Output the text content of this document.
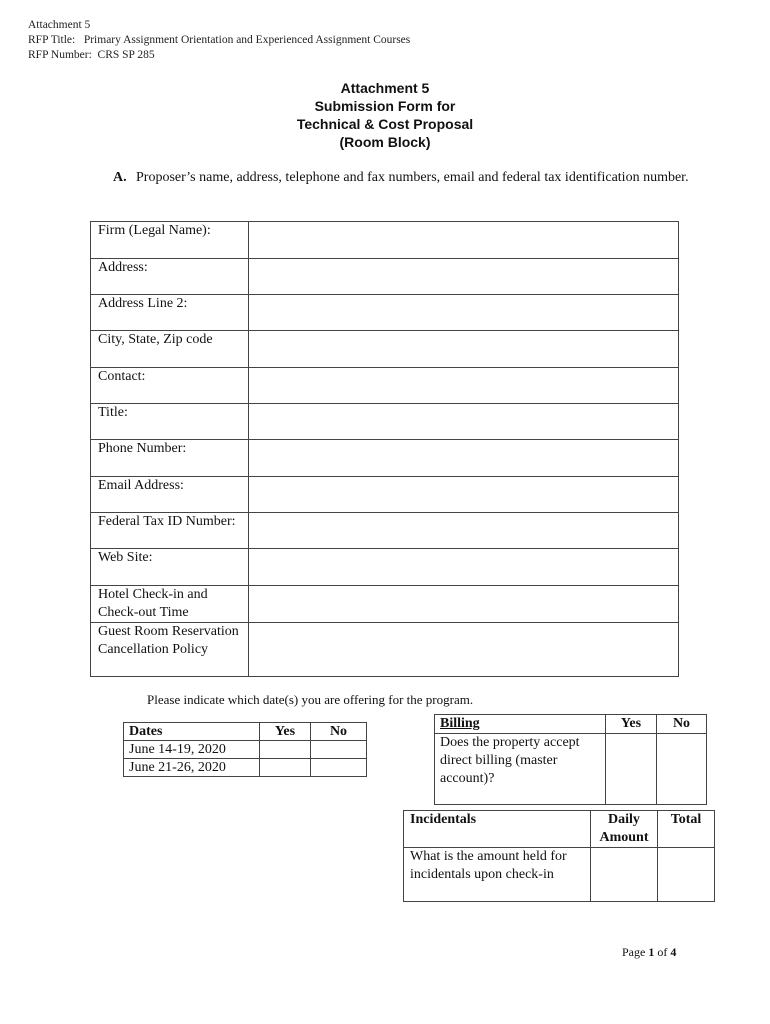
Attachment 5
RFP Title:   Primary Assignment Orientation and Experienced Assignment Courses
RFP Number:  CRS SP 285
Attachment 5
Submission Form for
Technical & Cost Proposal
(Room Block)
A. Proposer’s name, address, telephone and fax numbers, email and federal tax identification number.
Firm (Legal Name):	
Address:	
Address Line 2:	
City, State, Zip code	
Contact:	
Title:	
Phone Number:	
Email Address:	
Federal Tax ID Number:	
Web Site:	
Hotel Check-in and Check-out Time	
Guest Room Reservation Cancellation Policy	
Please indicate which date(s) you are offering for the program.
Dates	Yes	No
June 14-19, 2020		
June 21-26, 2020		
Billing	Yes	No
Does the property accept direct billing (master account)?		
Incidentals	Daily Amount	Total
What is the amount held for incidentals upon check-in		
Page 1 of 4
